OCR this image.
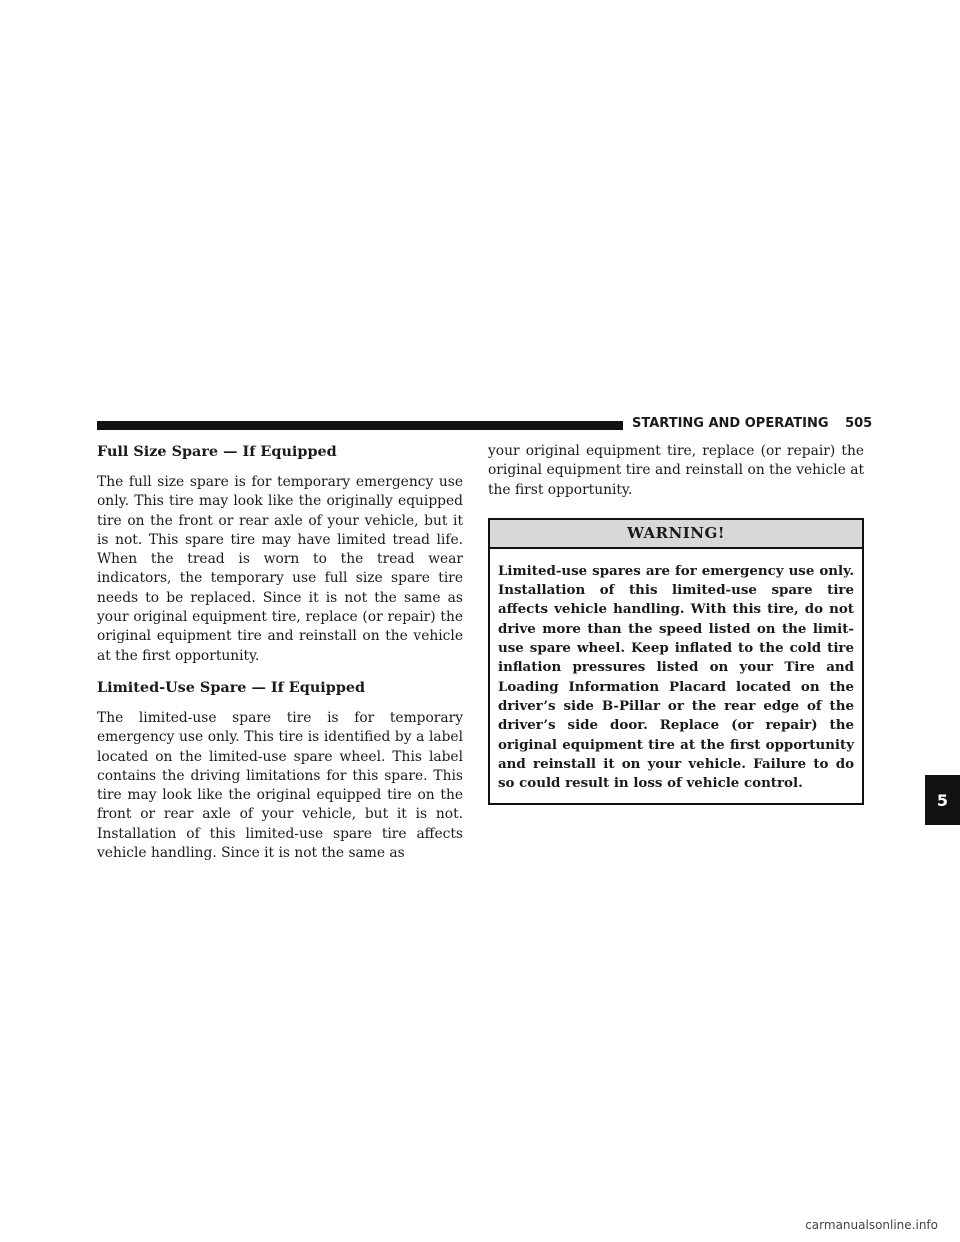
STARTING AND OPERATING 505
Full Size Spare — If Equipped

The full size spare is for temporary emergency use only. This tire may look like the originally equipped tire on the front or rear axle of your vehicle, but it is not. This spare tire may have limited tread life. When the tread is worn to the tread wear indicators, the temporary use full size spare tire needs to be replaced. Since it is not the same as your original equipment tire, replace (or repair) the original equipment tire and reinstall on the vehicle at the first opportunity.

Limited-Use Spare — If Equipped

The limited-use spare tire is for temporary emergency use only. This tire is identified by a label located on the limited-use spare wheel. This label contains the driving limitations for this spare. This tire may look like the original equipped tire on the front or rear axle of your vehicle, but it is not. Installation of this limited-use spare tire affects vehicle handling. Since it is not the same as

your original equipment tire, replace (or repair) the original equipment tire and reinstall on the vehicle at the first opportunity.

WARNING!

Limited-use spares are for emergency use only. Installation of this limited-use spare tire affects vehicle handling. With this tire, do not drive more than the speed listed on the limit-use spare wheel. Keep inflated to the cold tire inflation pressures listed on your Tire and Loading Information Placard located on the driver’s side B-Pillar or the rear edge of the driver’s side door. Replace (or repair) the original equipment tire at the first opportunity and reinstall it on your vehicle. Failure to do so could result in loss of vehicle control.

5
carmanualsonline.info
